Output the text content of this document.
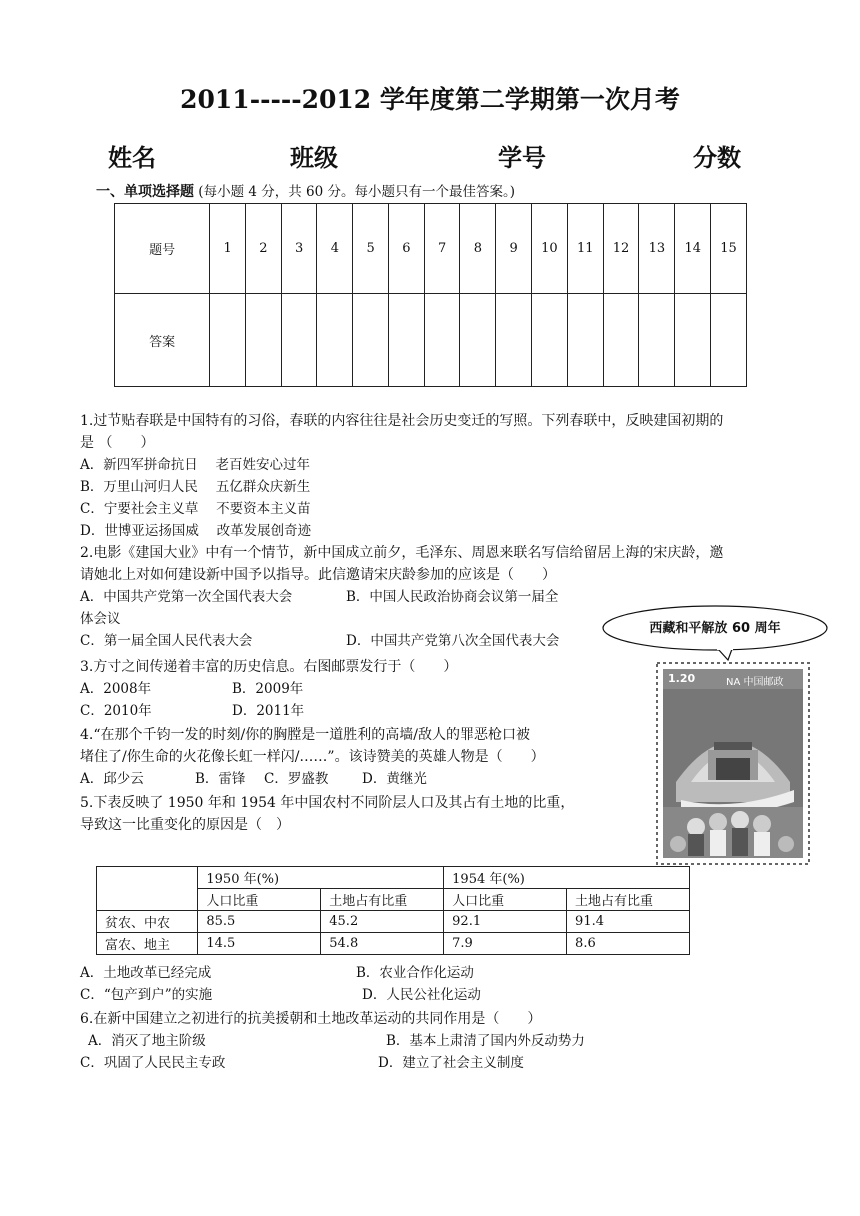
2011-----2012 学年度第二学期第一次月考
姓名	班级	学号	分数
一、单项选择题 (每小题 4 分，共 60 分。每小题只有一个最佳答案。)
题号	1	2	3	4	5	6	7	8	9	10	11	12	13	14	15
答案															
1.过节贴春联是中国特有的习俗，春联的内容往往是社会历史变迁的写照。下列春联中，反映建国初期的
是 （　　）
A．新四军拼命抗日　 老百姓安心过年
B．万里山河归人民　 五亿群众庆新生
C．宁要社会主义草　 不要资本主义苗
D．世博亚运扬国威　 改革发展创奇迹
2.电影《建国大业》中有一个情节，新中国成立前夕，毛泽东、周恩来联名写信给留居上海的宋庆龄，邀
请她北上对如何建设新中国予以指导。此信邀请宋庆龄参加的应该是（　　）
A．中国共产党第一次全国代表大会	B．中国人民政治协商会议第一届全
体会议
C．第一届全国人民代表大会	D．中国共产党第八次全国代表大会
3.方寸之间传递着丰富的历史信息。右图邮票发行于（　　）
A．2008年	B．2009年
C．2010年	D．2011年
4.“在那个千钧一发的时刻/你的胸膛是一道胜利的高墙/敌人的罪恶枪口被
堵住了/你生命的火花像长虹一样闪/……”。该诗赞美的英雄人物是（　　）
A．邱少云	B．雷锋 C．罗盛教 D．黄继光
5.下表反映了 1950 年和 1954 年中国农村不同阶层人口及其占有土地的比重，
导致这一比重变化的原因是（　）
	1950 年(%)		1954 年(%)	
	人口比重	土地占有比重	人口比重	土地占有比重
贫农、中农	85.5	45.2	92.1	91.4
富农、地主	14.5	54.8	7.9	8.6
A．土地改革已经完成	B．农业合作化运动
C．“包产到户”的实施	D．人民公社化运动
6.在新中国建立之初进行的抗美援朝和土地改革运动的共同作用是（　　）
A．消灭了地主阶级	B．基本上肃清了国内外反动势力
C．巩固了人民民主专政	D．建立了社会主义制度
西藏和平解放 60 周年
1.20	NA 中国邮政
